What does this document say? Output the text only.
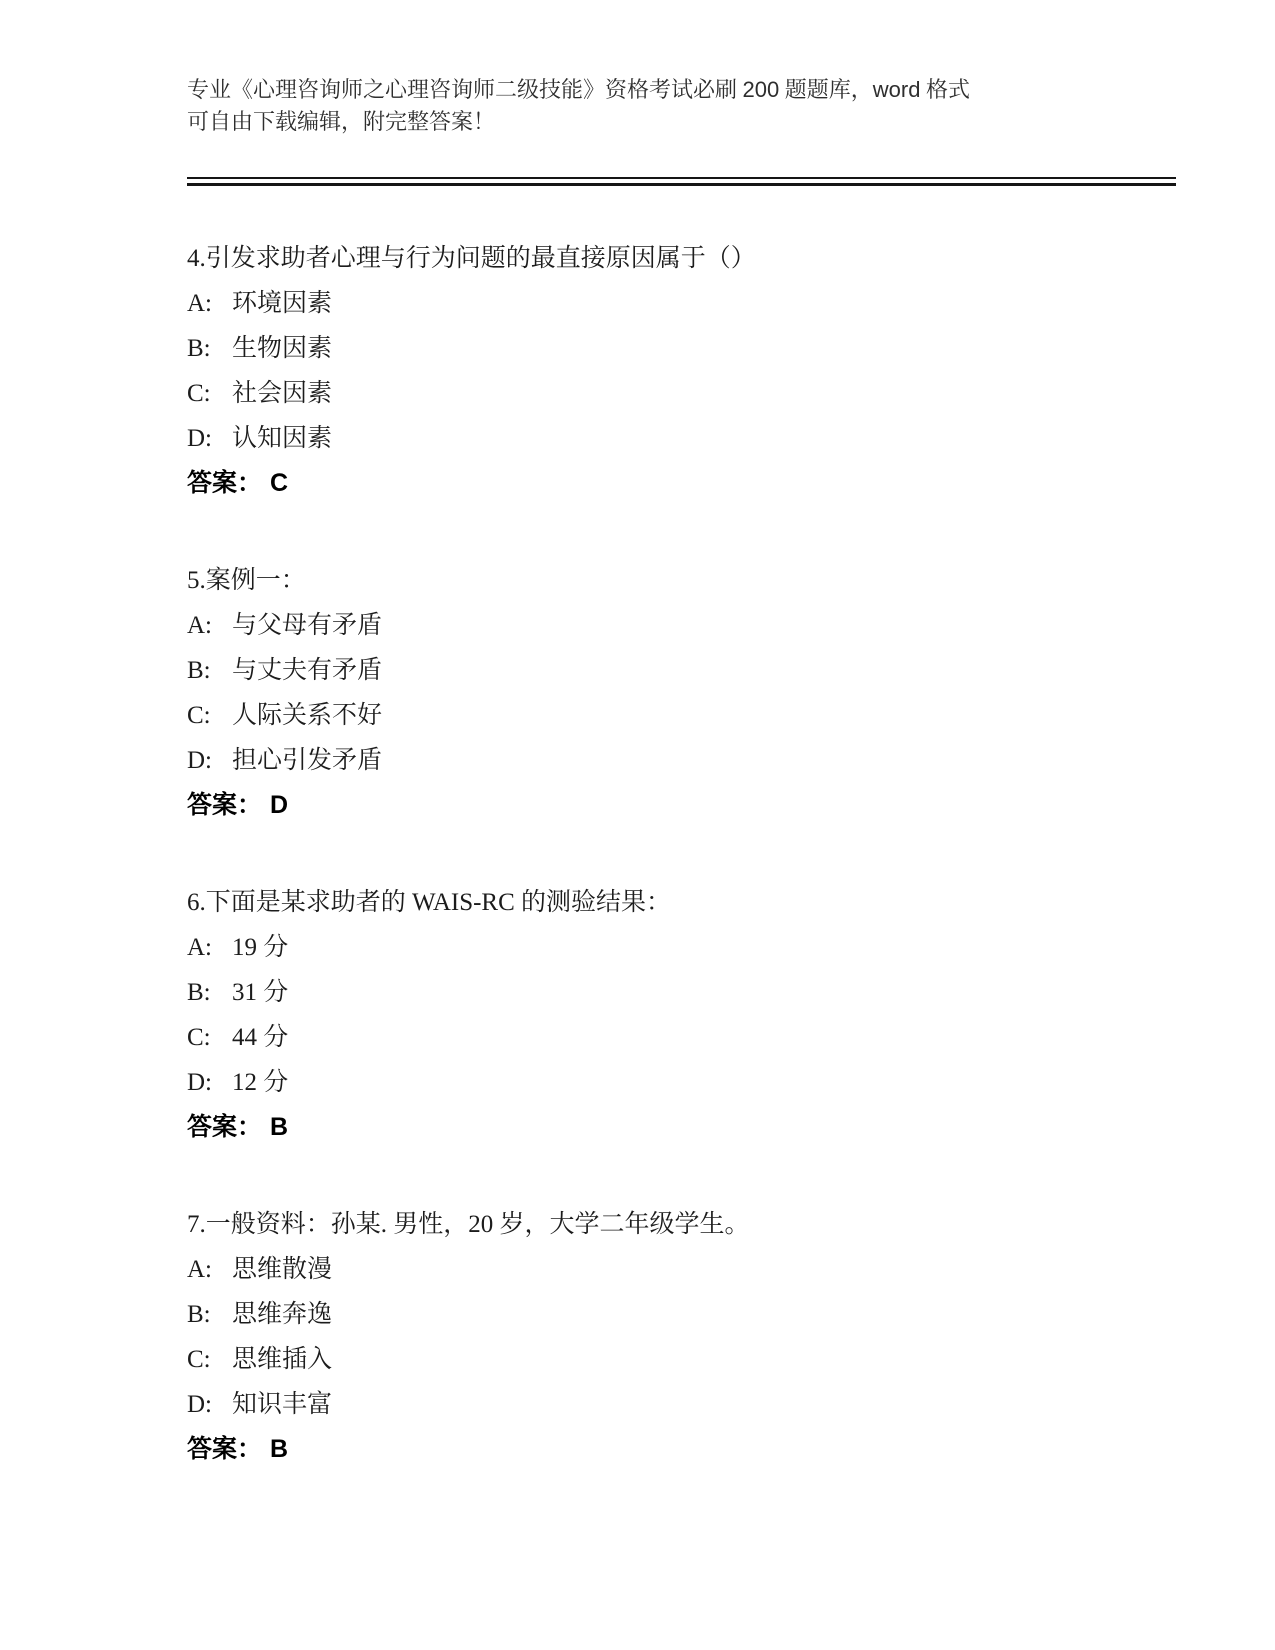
专业《心理咨询师之心理咨询师二级技能》资格考试必刷 200 题题库，word 格式
可自由下载编辑，附完整答案！
4.引发求助者心理与行为问题的最直接原因属于（）
A: 环境因素
B: 生物因素
C: 社会因素
D: 认知因素
答案： C
5.案例一：
A: 与父母有矛盾
B: 与丈夫有矛盾
C: 人际关系不好
D: 担心引发矛盾
答案： D
6.下面是某求助者的 WAIS-RC 的测验结果：
A: 19 分
B: 31 分
C: 44 分
D: 12 分
答案： B
7.一般资料：孙某. 男性，20 岁，大学二年级学生。
A: 思维散漫
B: 思维奔逸
C: 思维插入
D: 知识丰富
答案： B
